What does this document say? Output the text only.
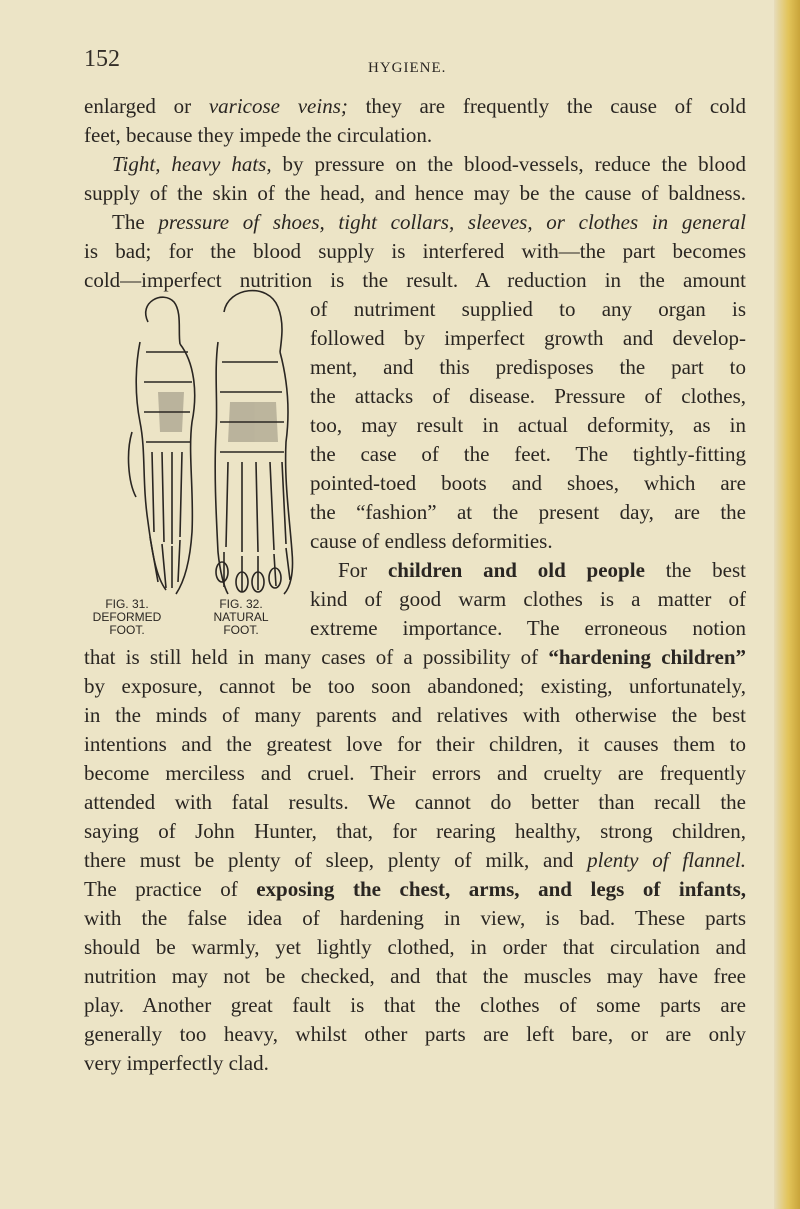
152	HYGIENE.
enlarged or varicose veins; they are frequently the cause of cold
feet, because they impede the circulation.
Tight, heavy hats, by pressure on the blood-vessels, reduce the blood
supply of the skin of the head, and hence may be the cause of baldness.
The pressure of shoes, tight collars, sleeves, or clothes in general
is bad; for the blood supply is interfered with—the part becomes
cold—imperfect nutrition is the result. A reduction in the amount
of nutriment supplied to any organ is
followed by imperfect growth and develop-
ment, and this predisposes the part to
the attacks of disease. Pressure of clothes,
too, may result in actual deformity, as in
the case of the feet. The tightly-fitting
pointed-toed boots and shoes, which are
the “fashion” at the present day, are the
cause of endless deformities.
For children and old people the best
kind of good warm clothes is a matter of
extreme importance. The erroneous notion
that is still held in many cases of a possibility of “hardening children”
by exposure, cannot be too soon abandoned; existing, unfortunately,
in the minds of many parents and relatives with otherwise the best
intentions and the greatest love for their children, it causes them to
become merciless and cruel. Their errors and cruelty are frequently
attended with fatal results. We cannot do better than recall the
saying of John Hunter, that, for rearing healthy, strong children,
there must be plenty of sleep, plenty of milk, and plenty of flannel.
The practice of exposing the chest, arms, and legs of infants,
with the false idea of hardening in view, is bad. These parts
should be warmly, yet lightly clothed, in order that circulation and
nutrition may not be checked, and that the muscles may have free
play. Another great fault is that the clothes of some parts are
generally too heavy, whilst other parts are left bare, or are only
very imperfectly clad.
FIG. 31.
DEFORMED
FOOT.
FIG. 32.
NATURAL
FOOT.
